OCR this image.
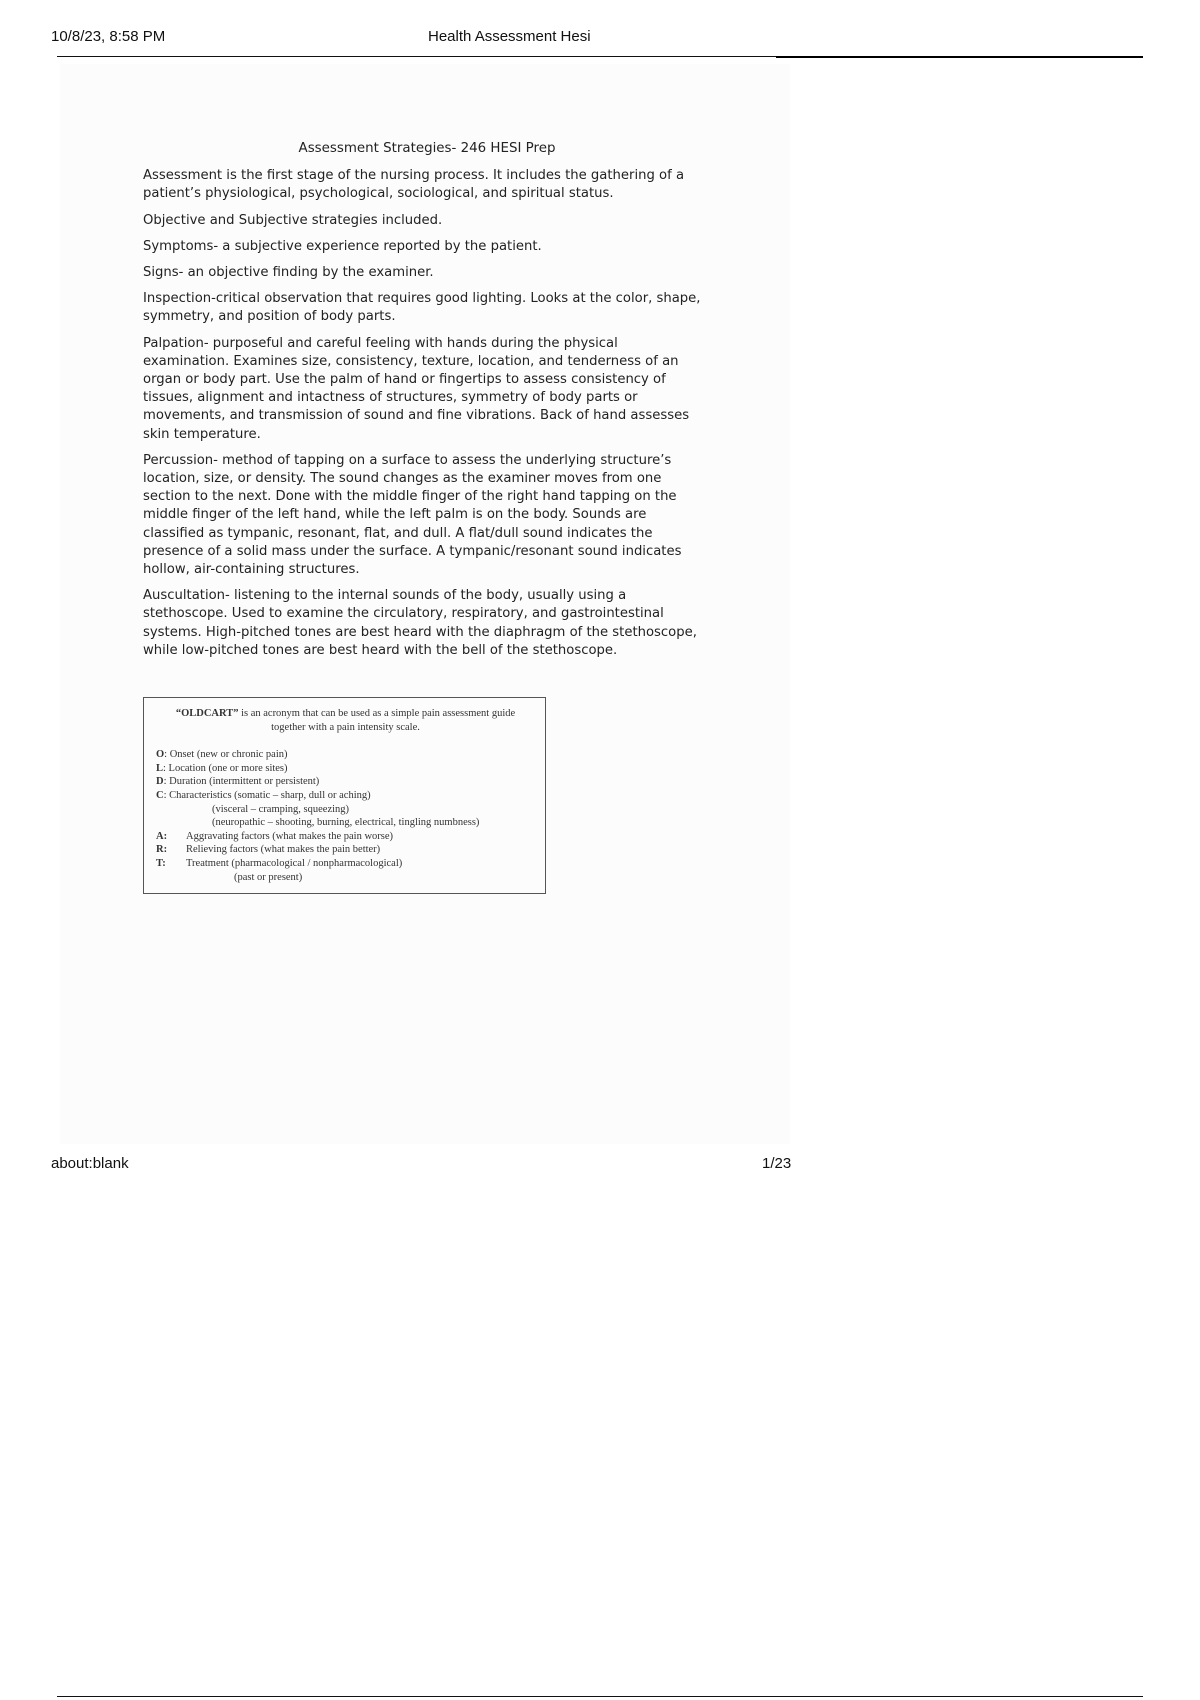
10/8/23, 8:58 PM	Health Assessment Hesi
Assessment Strategies- 246 HESI Prep

Assessment is the first stage of the nursing process. It includes the gathering of a patient’s physiological, psychological, sociological, and spiritual status.

Objective and Subjective strategies included.

Symptoms- a subjective experience reported by the patient.

Signs- an objective finding by the examiner.

Inspection-critical observation that requires good lighting. Looks at the color, shape, symmetry, and position of body parts.

Palpation- purposeful and careful feeling with hands during the physical examination. Examines size, consistency, texture, location, and tenderness of an organ or body part. Use the palm of hand or fingertips to assess consistency of tissues, alignment and intactness of structures, symmetry of body parts or movements, and transmission of sound and fine vibrations. Back of hand assesses skin temperature.

Percussion- method of tapping on a surface to assess the underlying structure’s location, size, or density. The sound changes as the examiner moves from one section to the next. Done with the middle finger of the right hand tapping on the middle finger of the left hand, while the left palm is on the body. Sounds are classified as tympanic, resonant, flat, and dull. A flat/dull sound indicates the presence of a solid mass under the surface. A tympanic/resonant sound indicates hollow, air-containing structures.

Auscultation- listening to the internal sounds of the body, usually using a stethoscope. Used to examine the circulatory, respiratory, and gastrointestinal systems. High-pitched tones are best heard with the diaphragm of the stethoscope, while low-pitched tones are best heard with the bell of the stethoscope.

“OLDCART” is an acronym that can be used as a simple pain assessment guide
together with a pain intensity scale.
O: Onset (new or chronic pain)
L: Location (one or more sites)
D: Duration (intermittent or persistent)
C: Characteristics (somatic – sharp, dull or aching)
(visceral – cramping, squeezing)
(neuropathic – shooting, burning, electrical, tingling numbness)
A: Aggravating factors (what makes the pain worse)
R: Relieving factors (what makes the pain better)
T: Treatment (pharmacological / nonpharmacological)
(past or present)
about:blank	1/23
